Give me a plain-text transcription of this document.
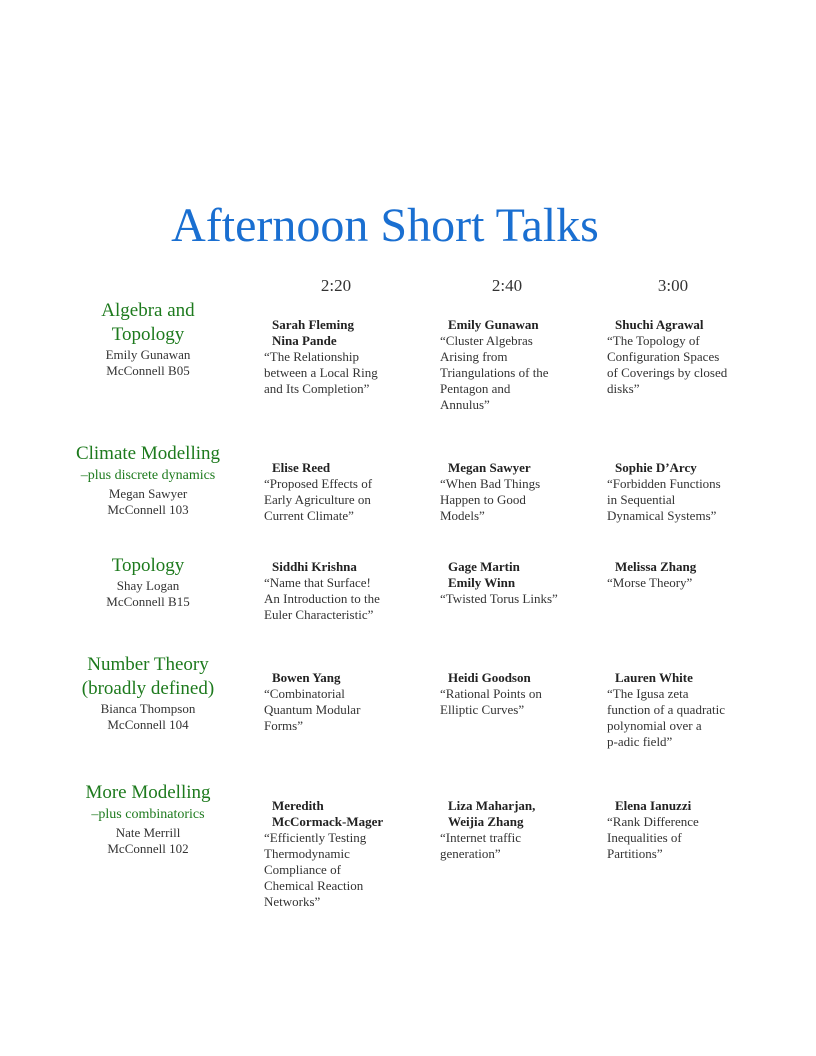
Afternoon Short Talks
2:20	2:40	3:00
Algebra and
Topology
Emily Gunawan
McConnell B05
Sarah Fleming
Nina Pande
“The Relationship
between a Local Ring
and Its Completion”
Emily Gunawan
“Cluster Algebras
Arising from
Triangulations of the
Pentagon and
Annulus”
Shuchi Agrawal
“The Topology of
Configuration Spaces
of Coverings by closed
disks”
Climate Modelling
–plus discrete dynamics
Megan Sawyer
McConnell 103
Elise Reed
“Proposed Effects of
Early Agriculture on
Current Climate”
Megan Sawyer
“When Bad Things
Happen to Good
Models”
Sophie D’Arcy
“Forbidden Functions
in Sequential
Dynamical Systems”
Topology
Shay Logan
McConnell B15
Siddhi Krishna
“Name that Surface!
An Introduction to the
Euler Characteristic”
Gage Martin
Emily Winn
“Twisted Torus Links”
Melissa Zhang
“Morse Theory”
Number Theory
(broadly defined)
Bianca Thompson
McConnell 104
Bowen Yang
“Combinatorial
Quantum Modular
Forms”
Heidi Goodson
“Rational Points on
Elliptic Curves”
Lauren White
“The Igusa zeta
function of a quadratic
polynomial over a
p-adic field”
More Modelling
–plus combinatorics
Nate Merrill
McConnell 102
Meredith
McCormack-Mager
“Efficiently Testing
Thermodynamic
Compliance of
Chemical Reaction
Networks”
Liza Maharjan,
Weijia Zhang
“Internet traffic
generation”
Elena Ianuzzi
“Rank Difference
Inequalities of
Partitions”
